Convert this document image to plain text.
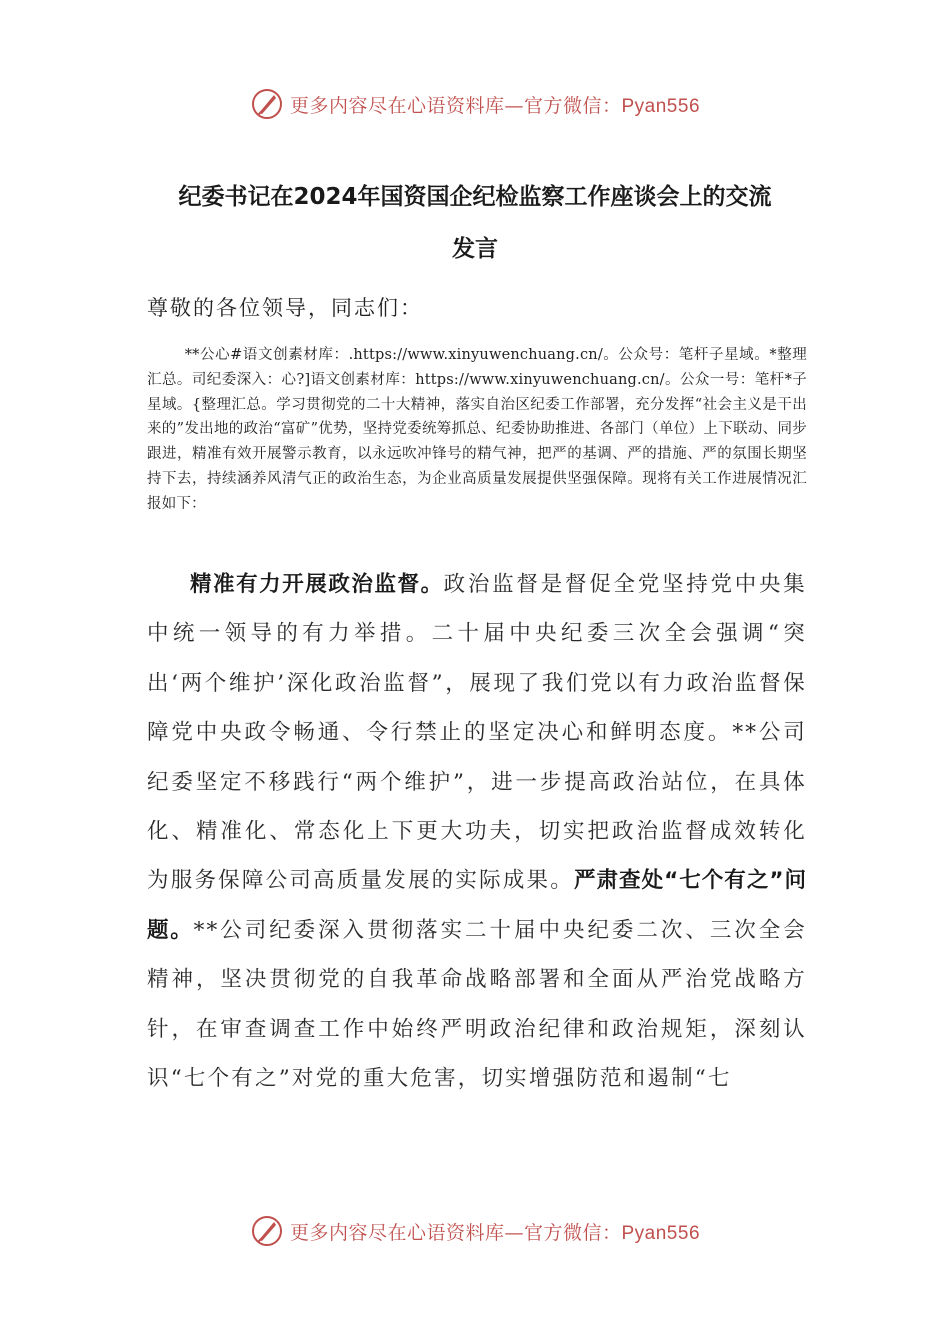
更多内容尽在心语资料库—官方微信：Pyan556
纪委书记在2024年国资国企纪检监察工作座谈会上的交流
发言
尊敬的各位领导，同志们：
**公心#语文创素材库：.https://www.xinyuwenchuang.cn/。公众号：笔杆子星域。*整理汇总。司纪委深入：心?]语文创素材库：https://www.xinyuwenchuang.cn/。公众一号：笔杆*子星域。{整理汇总。学习贯彻党的二十大精神，落实自治区纪委工作部署，充分发挥“社会主义是干出来的”发出地的政治“富矿”优势，坚持党委统筹抓总、纪委协助推进、各部门（单位）上下联动、同步跟进，精准有效开展警示教育，以永远吹冲锋号的精气神，把严的基调、严的措施、严的氛围长期坚持下去，持续涵养风清气正的政治生态，为企业高质量发展提供坚强保障。现将有关工作进展情况汇报如下：
精准有力开展政治监督。政治监督是督促全党坚持党中央集中统一领导的有力举措。二十届中央纪委三次全会强调“突出‘两个维护’深化政治监督”，展现了我们党以有力政治监督保障党中央政令畅通、令行禁止的坚定决心和鲜明态度。**公司纪委坚定不移践行“两个维护”，进一步提高政治站位，在具体化、精准化、常态化上下更大功夫，切实把政治监督成效转化为服务保障公司高质量发展的实际成果。严肃查处“七个有之”问题。**公司纪委深入贯彻落实二十届中央纪委二次、三次全会精神，坚决贯彻党的自我革命战略部署和全面从严治党战略方针，在审查调查工作中始终严明政治纪律和政治规矩，深刻认识“七个有之”对党的重大危害，切实增强防范和遏制“七
更多内容尽在心语资料库—官方微信：Pyan556
